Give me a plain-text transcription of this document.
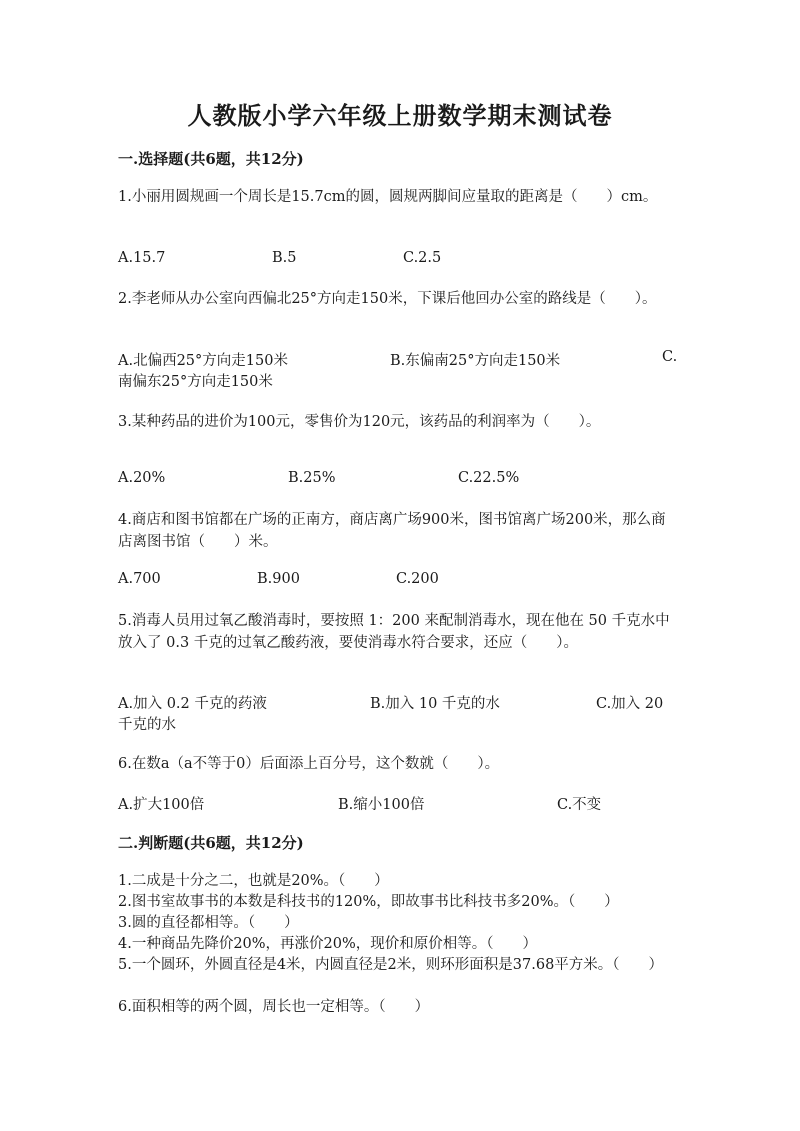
人教版小学六年级上册数学期末测试卷
一.选择题(共6题，共12分)
1.小丽用圆规画一个周长是15.7cm的圆，圆规两脚间应量取的距离是（　　）cm。
A.15.7	B.5	C.2.5
2.李老师从办公室向西偏北25°方向走150米，下课后他回办公室的路线是（　　）。
A.北偏西25°方向走150米	B.东偏南25°方向走150米	C.
南偏东25°方向走150米
3.某种药品的进价为100元，零售价为120元，该药品的利润率为（　　）。
A.20%	B.25%	C.22.5%
4.商店和图书馆都在广场的正南方，商店离广场900米，图书馆离广场200米，那么商店离图书馆（　　）米。
A.700	B.900	C.200
5.消毒人员用过氧乙酸消毒时，要按照 1：200 来配制消毒水，现在他在 50 千克水中放入了 0.3 千克的过氧乙酸药液，要使消毒水符合要求，还应（　　）。
A.加入 0.2 千克的药液	B.加入 10 千克的水	C.加入 20
千克的水
6.在数a（a不等于0）后面添上百分号，这个数就（　　）。
A.扩大100倍	B.缩小100倍	C.不变
二.判断题(共6题，共12分)
1.二成是十分之二，也就是20%。（　　）
2.图书室故事书的本数是科技书的120%，即故事书比科技书多20%。（　　）
3.圆的直径都相等。（　　）
4.一种商品先降价20%，再涨价20%，现价和原价相等。（　　）
5.一个圆环，外圆直径是4米，内圆直径是2米，则环形面积是37.68平方米。（　　）
6.面积相等的两个圆，周长也一定相等。（　　）
